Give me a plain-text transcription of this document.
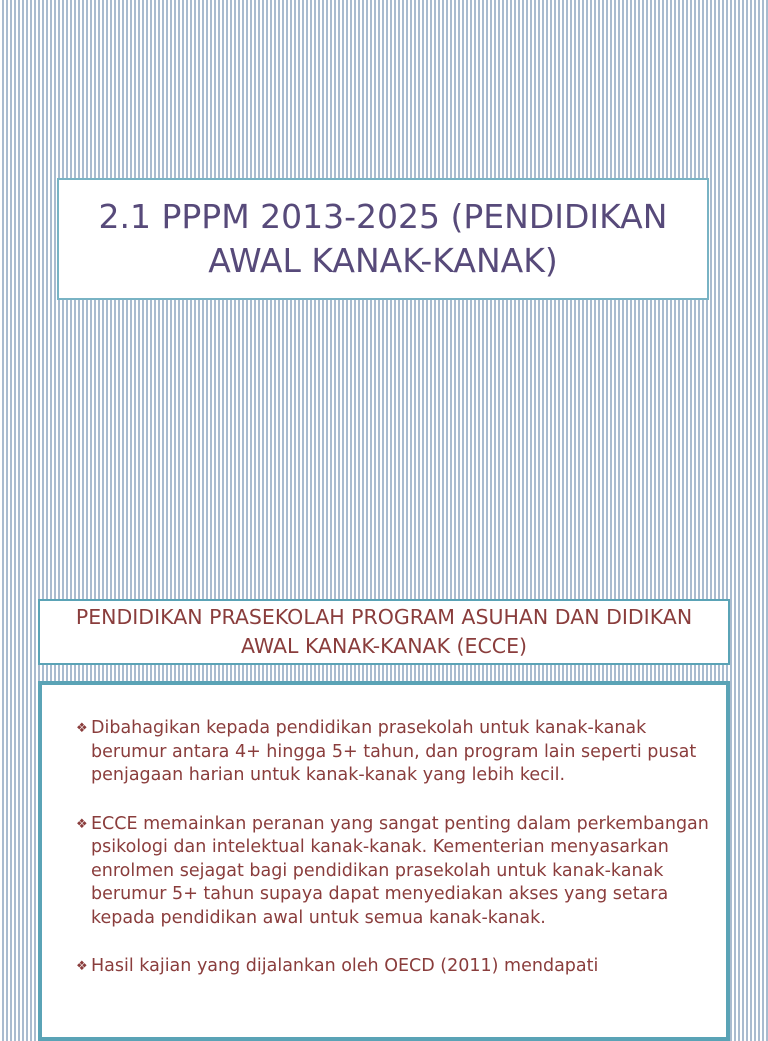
2.1 PPPM 2013-2025 (PENDIDIKAN AWAL KANAK-KANAK)
PENDIDIKAN PRASEKOLAH PROGRAM ASUHAN DAN DIDIKAN AWAL KANAK-KANAK (ECCE)
❖ Dibahagikan kepada pendidikan prasekolah untuk kanak-kanak berumur antara 4+ hingga 5+ tahun, dan program lain seperti pusat penjagaan harian untuk kanak-kanak yang lebih kecil.
❖ ECCE memainkan peranan yang sangat penting dalam perkembangan psikologi dan intelektual kanak-kanak. Kementerian menyasarkan enrolmen sejagat bagi pendidikan prasekolah untuk kanak-kanak berumur 5+ tahun supaya dapat menyediakan akses yang setara kepada pendidikan awal untuk semua kanak-kanak.
❖ Hasil kajian yang dijalankan oleh OECD (2011) mendapati
